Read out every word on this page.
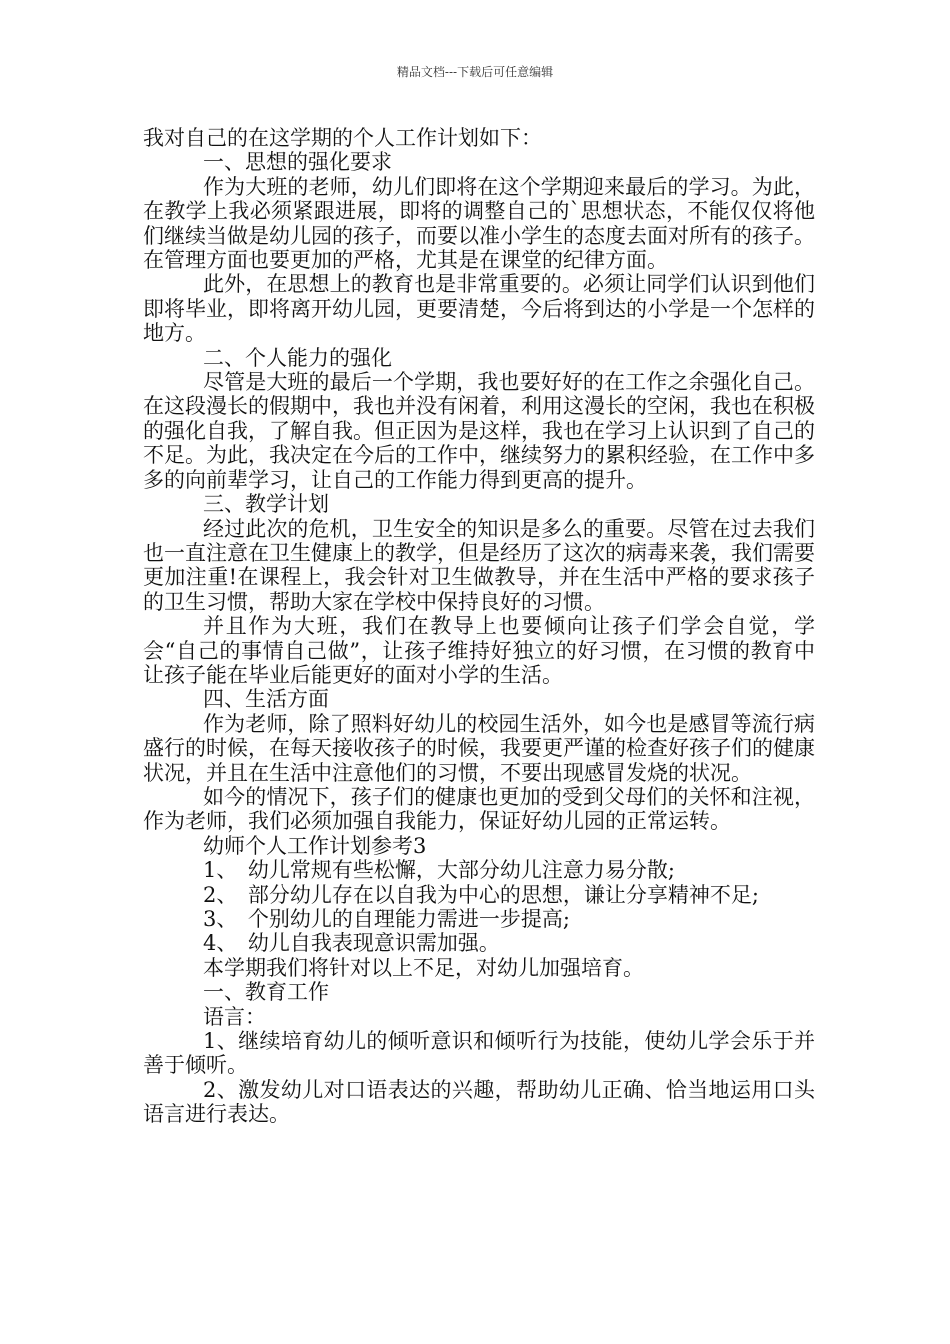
精品文档---下载后可任意编辑

我对自己的在这学期的个人工作计划如下：

一、思想的强化要求

作为大班的老师，幼儿们即将在这个学期迎来最后的学习。为此，在教学上我必须紧跟进展，即将的调整自己的`思想状态，不能仅仅将他们继续当做是幼儿园的孩子，而要以准小学生的态度去面对所有的孩子。在管理方面也要更加的严格，尤其是在课堂的纪律方面。

此外，在思想上的教育也是非常重要的。必须让同学们认识到他们即将毕业，即将离开幼儿园，更要清楚，今后将到达的小学是一个怎样的地方。

二、个人能力的强化

尽管是大班的最后一个学期，我也要好好的在工作之余强化自己。在这段漫长的假期中，我也并没有闲着，利用这漫长的空闲，我也在积极的强化自我，了解自我。但正因为是这样，我也在学习上认识到了自己的不足。为此，我决定在今后的工作中，继续努力的累积经验，在工作中多多的向前辈学习，让自己的工作能力得到更高的提升。

三、教学计划

经过此次的危机，卫生安全的知识是多么的重要。尽管在过去我们也一直注意在卫生健康上的教学，但是经历了这次的病毒来袭，我们需要更加注重!在课程上，我会针对卫生做教导，并在生活中严格的要求孩子的卫生习惯，帮助大家在学校中保持良好的习惯。

并且作为大班，我们在教导上也要倾向让孩子们学会自觉，学会“自己的事情自己做”，让孩子维持好独立的好习惯，在习惯的教育中让孩子能在毕业后能更好的面对小学的生活。

四、生活方面

作为老师，除了照料好幼儿的校园生活外，如今也是感冒等流行病盛行的时候，在每天接收孩子的时候，我要更严谨的检查好孩子们的健康状况，并且在生活中注意他们的习惯，不要出现感冒发烧的状况。

如今的情况下，孩子们的健康也更加的受到父母们的关怀和注视，作为老师，我们必须加强自我能力，保证好幼儿园的正常运转。

幼师个人工作计划参考3

1、　幼儿常规有些松懈，大部分幼儿注意力易分散;

2、　部分幼儿存在以自我为中心的思想，谦让分享精神不足;

3、　个别幼儿的自理能力需进一步提高;

4、　幼儿自我表现意识需加强。

本学期我们将针对以上不足，对幼儿加强培育。

一、教育工作

语言：

1、继续培育幼儿的倾听意识和倾听行为技能，使幼儿学会乐于并善于倾听。

2、激发幼儿对口语表达的兴趣，帮助幼儿正确、恰当地运用口头语言进行表达。
